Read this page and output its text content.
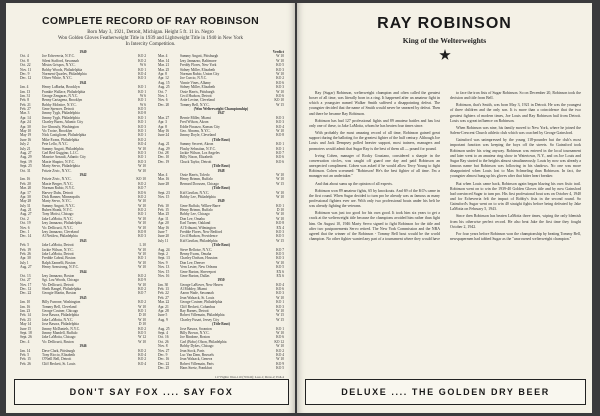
COMPLETE RECORD OF RAY ROBINSON
Born May 3, 1921, Detroit, Michigan. Height 5 ft. 11 in. Negro
Won Golden Gloves Featherweight Title in 1939 and Lightweight Title in 1940 in New York
In Intercity Competition.
1940
Oct. 4	Joe Echeverria, N.Y.C.	KO 2
Oct. 8	Silent Stafford, Savannah	KO 2
Oct. 22	Mistos Grispos, N.Y.C.	W 6
Nov. 11	Bobby Woods, Philadelphia	KO 1
Dec. 9	Norment Quarles, Philadelphia	KO 4
Dec. 12	Oliver White, N.Y.C.	KO 3
1941
Jan. 4	Henry LaBarba, Brooklyn	KO 1
Jan. 13	Frankie Wallace, Philadelphia	KO 1
Jan. 31	George Zengaras, N.Y.C.	W 6
Feb. 8	Benny Cartagena, Brooklyn	KO 1
Feb. 21	Bobby McIntire, N.Y.C.	W 6
Feb. 27	Gene Spencer, Detroit	KO 5
Mar. 3	Jimmy Tygh, Philadelphia	KO 8
Apr. 14	Jimmy Tygh, Philadelphia	KO 1
Apr. 24	Charley Burns, Atlantic City	KO 1
Apr. 30	Joe Ghnouly, Washington	KO 3
May 10	Vic Troise, Brooklyn	KO 1
May 19	Nick Castiglione, Philadelphia	KO 1
June 16	Mike Evans, Philadelphia	KO 2
July 2	Pete Lello, N.Y.C.	KO 4
July 21	Sammy Angott, Philadelphia	W 10
Aug. 27	Carl Red Guggino, L.I.C.	KO 3
Aug. 29	Maurice Arnault, Atlantic City	KO 1
Sept. 19	Maxie Shapiro, N.Y.C.	KO 3
Sept. 25	Marty Servo, Philadelphia	W 10
Oct. 31	Fritzie Zivic, N.Y.C.	W 10
1942
Jan. 16	Fritzie Zivic, N.Y.C.	KO 10
Feb. 20	Maxie Berger, N.Y.C.	KO 2
Mar. 20	Norman Rubio, N.Y.C.	KO 7
Apr. 17	Harvey Dubs, Detroit	KO 6
Apr. 30	Dick Banner, Minneapolis	KO 2
May 28	Marty Servo, N.Y.C.	W 10
July 31	Sammy Angott, N.Y.C.	W 10
Aug. 21	Ruben Shank, N.Y.C.	KO 2
Aug. 27	Tony Motisi, Chicago	KO 1
Oct. 2	Jake LaMotta, N.Y.C.	W 10
Oct. 19	Izzy Jannazzo, Philadelphia	W 10
Nov. 6	Vic Dellicurti, N.Y.C.	W 10
Dec. 1	Izzy Jannazzo, Cleveland	KO 8
Dec. 14	Al Nettlow, Philadelphia	KO 3
1943
Feb. 5	Jake LaMotta, Detroit	L 10
Feb. 19	Jackie Wilson, N.Y.C.	W 10
Feb. 26	Jake LaMotta, Detroit	W 10
Apr. 30	Freddie Cabral, Boston	KO 1
July 1	Ralph Zannelli, Boston	W 10
Aug. 27	Henry Armstrong, N.Y.C.	W 10
1944
Oct. 13	Izzy Jannazzo, Boston	KO 2
Oct. 27	Sgt. Lou Woods, Chicago	KO 9
Nov. 17	Vic Dellicurti, Detroit	W 10
Dec. 12	Sheik Rangel, Philadelphia	KO 2
Dec. 22	Georgie Martin, Boston	KO 7
1945
Jan. 10	Billy Furrone, Washington	KO 2
Jan. 16	Tommy Bell, Cleveland	W 10
Jan. 23	George Costner, Chicago	KO 1
Feb. 14	Jose Basora, Philadelphia	D 10
Feb. 23	Jake LaMotta, N.Y.C.	W 10
May 14	Jose Basora, Philadelphia	D 10
June 15	Jimmy McDaniels, N.Y.C.	KO 2
Sept. 18	Jimmy Mandell, Buffalo	KO 5
Sept. 26	Jake LaMotta, Chicago	W 12
Dec. 4	Vic Dellicurti, Boston	W 10
1946
Jan. 14	Dave Clark, Pittsburgh	KO 2
Feb. 5	Tony Riccio, Elizabeth	KO 4
Feb. 15	O'Neill Bell, Detroit	KO 2
Feb. 26	Cliff Beckett, St. Louis	KO 4
Verdict
Mar. 4	Sammy Angott, Pittsburgh	W 10
Mar. 14	Izzy Jannazzo, Baltimore	W 10
Mar. 21	Freddy Flores, New York	KO 5
Mar. 25	Sidney Miller, Elizabeth	KO 3
Apr. 8	Norman Rubio, Union City	W 10
Apr. 12	Joe Curcio, N.Y.C.	KO 2
Aug. 15	Vinnie Vines, Albany	KO 6
Aug. 25	Sidney Miller, Elizabeth	KO 3
Oct. 7	Ossie Harris, Pittsburgh	W 10
Nov. 1	Cecil Hudson, Detroit	KO 6
Nov. 6	Artie Levine, Cleveland	KO 10
Dec. 20	Tommy Bell, N.Y.C.	W 15
(Won Welterweight Championship)
1947
Mar. 27	Bernie Miller, Miami	KO 3
Apr. 3	Fred Wilson, Akron	KO 3
Apr. 8	Eddie Finazzo, Kansas City	KO 4
May 16	Geo. Abrams, N.Y.C.	W 10
June 24	Jimmy Doyle, Cleveland	KO 8
(Title Bout)
Aug. 21	Sammy Secreet, Akron	KO 1
Aug. 29	Flashy Sebastian, N.Y.C.	KO 1
Oct. 28	Jackie Wilson, Los Angeles	KO 7
Dec. 10	Billy Nixon, Elizabeth	KO 6
Dec. 19	Chuck Taylor, Detroit	KO 6
(Title Bout)
1948
Mar. 4	Ossie Harris, Toledo	W 10
Mar. 16	Henry Brimm, Buffalo	W 10
June 28	Bernard Docusen, Chicago	W 15
(Title Bout)
Sept. 23	Kid Gavilan, N.Y.C.	W 10
Nov. 15	Bobby Lee, Philadelphia	W 10
1949
Feb. 10	Gene Buffalo, Wilkes-Barre	KO 1
Feb. 15	Henry Brimm, Buffalo	D 10
Mar. 25	Bobby Lee, Chicago	W 10
Apr. 11	Don Lee, Omaha	W 10
Apr. 20	Earl Turner, Oakland	KO 8
May 16	Al Tribuani, Wilmington	EX 4
June 7	Freddie Flores, New Bedford	KO 3
June 20	Cecil Hudson, Providence	KO 5
July 11	Kid Gavilan, Philadelphia	W 15
(Title Bout)
Aug. 24	Steve Belloise, N.Y.C.	KO 7
Sept. 2	Benny Evans, Omaha	KO 5
Sept. 13	Charley Dodson, Houston	KO 3
Nov. 9	Don Lee, Denver	W 10
Nov. 13	Vern Lester, New Orleans	KO 5
Nov. 15	Gene Burton, Shreveport	EX 6
Nov. 16	Gene Burton, Dallas	EX 6
1950
Jan. 30	George LaRover, New Haven	KO 4
Feb. 13	Al Mobley, Miami	KO 6
Feb. 22	Aaron Wade, Savannah	KO 3
Feb. 27	Jean Walzack, St. Louis	W 10
Mar. 22	George Costner, Philadelphia	KO 1
Apr. 21	Cliff Beckett, Columbus	KO 3
Apr. 28	Ray Barnes, Detroit	W 10
June 5	Robert Villemain, Philadelphia	W 15
Aug. 9	Charley Fusari, Jersey City	W 15
(Title Bout)
Aug. 25	Jose Basora, Scranton	KO 1
Sept. 4	Billy Brown, N.Y.C.	W 10
Oct. 16	Joe Rindone, Boston	KO 6
Oct. 26	Carl (Bobo) Olson, Philadelphia	KO 12
Nov. 8	Bobby Dykes, Chicago	W 10
Nov. 27	Jean Stock, Paris	KO 2
Dec. 9	Luc Van Dam, Brussels	KO 4
Dec. 16	Jean Walzack, Geneva	W 10
Dec. 22	Robert Villemain, Paris	KO 9
Dec. 25	Hans Stretz, Frankfurt	KO 5
117 Fights: Won-110 (70 KO); Lost-1; Draw-2; Exh-4
DON'T SAY FOX .... SAY FOX
RAY ROBINSON
King of the Welterweights

Ray (Sugar) Robinson, welterweight champion and often called the greatest boxer of all time, was literally born in a ring. It happened after an amateur fight in which a youngster named Walker Smith suffered a disappointing defeat. The youngster decided that the name of Smith would never be smeared by defeat. Then and there he became Ray Robinson.

Robinson has had 127 professional fights and 89 amateur battles and has lost only one of these, to Jake LaMotta, whom he has beaten four times since.

With probably the most amazing record of all time, Robinson gained great support during the balloting for the greatest fighter of the half century. Although Joe Louis and Jack Dempsey polled heavier support, most trainers, managers and promoters would admit that Sugar Ray is the best of them all — pound for pound.

Irving Cohen, manager of Rocky Graziano, considered a sharpie in the conversation circles, was caught off guard one day and paid Robinson an unexpected compliment. Cohen was asked if he would allow Terry Young to fight Robinson. Cohen screamed: "Robinson! He's the best fighter of all time. I'm a manager not an undertaker."

And that about sums up the opinion of all experts.

Robinson won 89 amateur fights, 65 by knockouts. And 69 of the KO's came in the first round. When Sugar decided to turn pro he already was as famous as many professional fighters ever are. With only two professional bouts under his belt he was already fighting the veterans.

Robinson was just too good for his own good. It took him six years to get a crack at the welterweight title because the champions avoided him rather than fight him. On August 10, 1946 Marty Servo signed to fight Robinson for the title and after two postponements Servo retired. The New York Commission and the NBA agreed that the winner of the Robinson - Tommy Bell bout would be the world champion. No other fighter wanted any part of a tournament where they would have

to face the iron fists of Sugar Robinson. So on December 20, Robinson took the decision and title from Bell.

Robinson, that's Smith, was born May 3, 1921 in Detroit. He was the youngest of three children and the only son. It is more than a coincidence that the two greatest fighters of modern times, Joe Louis and Ray Robinson hail from Detroit. Louis was a great influence on Robinson.

When Robinson was nine, his family moved to New York, where he joined the Salem-Crescent Church athletic club which was coached by George Gainsford.

Gainsford was unimpressed by the young 118-pounder but the club's most important function was keeping the boys off the streets. So Gainsford took Robinson under his wing anyway. Robinson was entered in the local tournament and later went to an amateur ring show in Watertown, N.Y., and on Joe Louis and Sugar Ray started to the heights almost simultaneously. Louis by now was already a famous name but Robinson was following in his shadows. No one was more disappointed when Louis lost to Max Schmeling than Robinson. In fact, the youngster almost hung up his gloves after that bitter heart breaker.

But when Louis came back, Robinson again began blazing his own fistic trail. Robinson went on to win the 1939-40 Golden Gloves title and by now Gainsford had convinced Sugar to turn pro. His first professional bout was on October 4, 1940 and for Echeverria felt the impact of Robby's fists in the second round. So Gainsford's Sugar went on to win 40 straight fights before being defeated by Jake LaMotta on February 5, 1943.

Since then Robinson has beaten LaMotta three times, wiping the only blemish from his otherwise perfect record. He also beat Jake the first time they fought October 2, 1942.

For four years before Robinson won the championship by beating Tommy Bell, newspapermen had tabbed Sugar as the "uncrowned welterweight champion."

DELUXE .... THE GOLDEN DRY BEER
